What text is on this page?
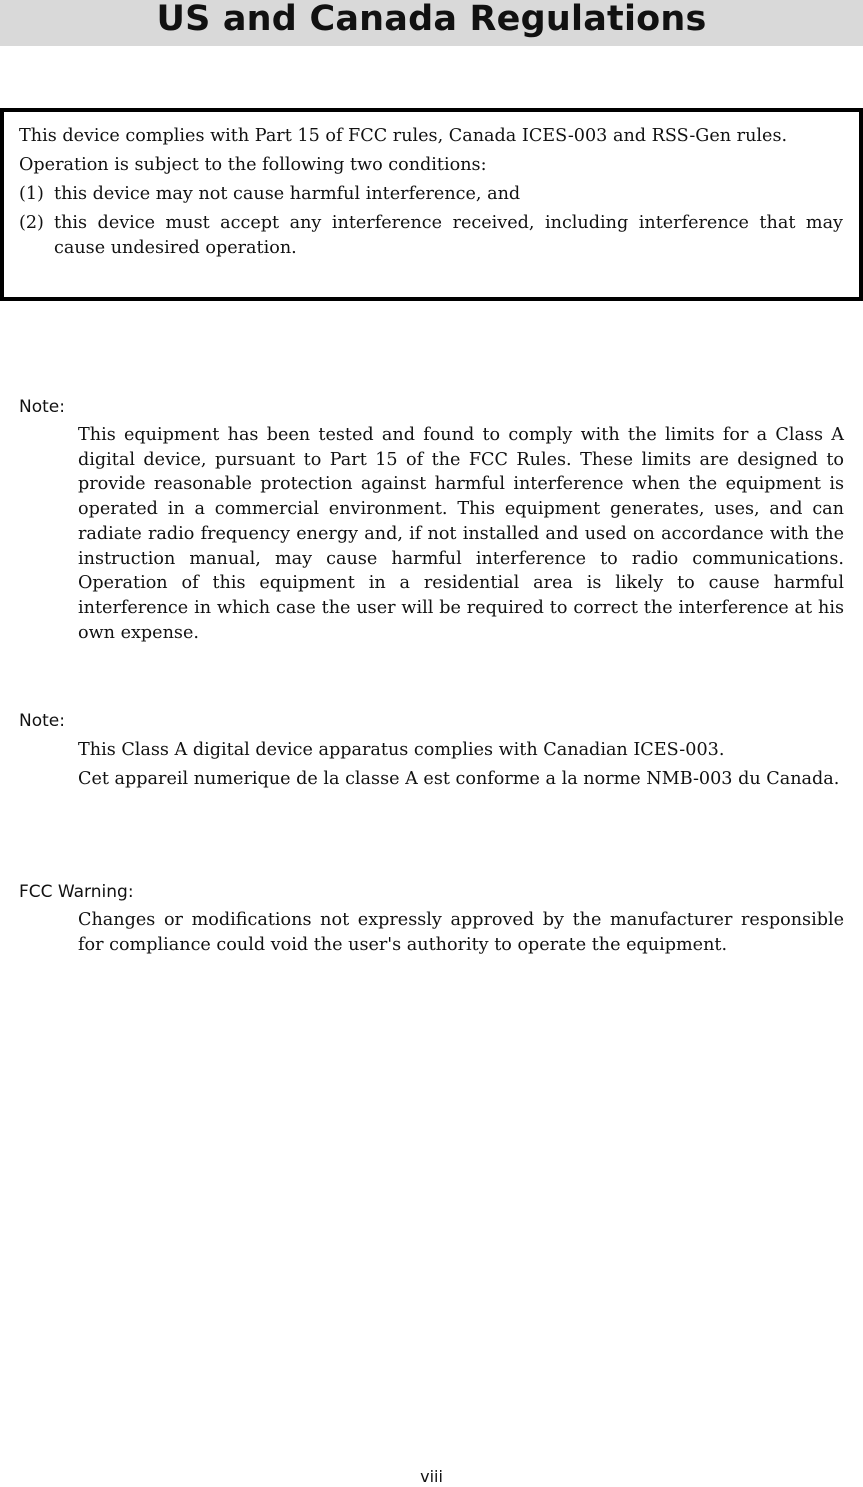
US and Canada Regulations

This device complies with Part 15 of FCC rules, Canada ICES-003 and RSS-Gen rules.

Operation is subject to the following two conditions:

(1) this device may not cause harmful interference, and
(2) this device must accept any interference received, including interference that may cause undesired operation.
Note:

This equipment has been tested and found to comply with the limits for a Class A digital device, pursuant to Part 15 of the FCC Rules. These limits are designed to provide reasonable protection against harmful interference when the equipment is operated in a commercial environment. This equipment generates, uses, and can radiate radio frequency energy and, if not installed and used on accordance with the instruction manual, may cause harmful interference to radio communications. Operation of this equipment in a residential area is likely to cause harmful interference in which case the user will be required to correct the interference at his own expense.

Note:

This Class A digital device apparatus complies with Canadian ICES-003.

Cet appareil numerique de la classe A est conforme a la norme NMB-003 du Canada.

FCC Warning:

Changes or modifications not expressly approved by the manufacturer responsible for compliance could void the user's authority to operate the equipment.

viii
